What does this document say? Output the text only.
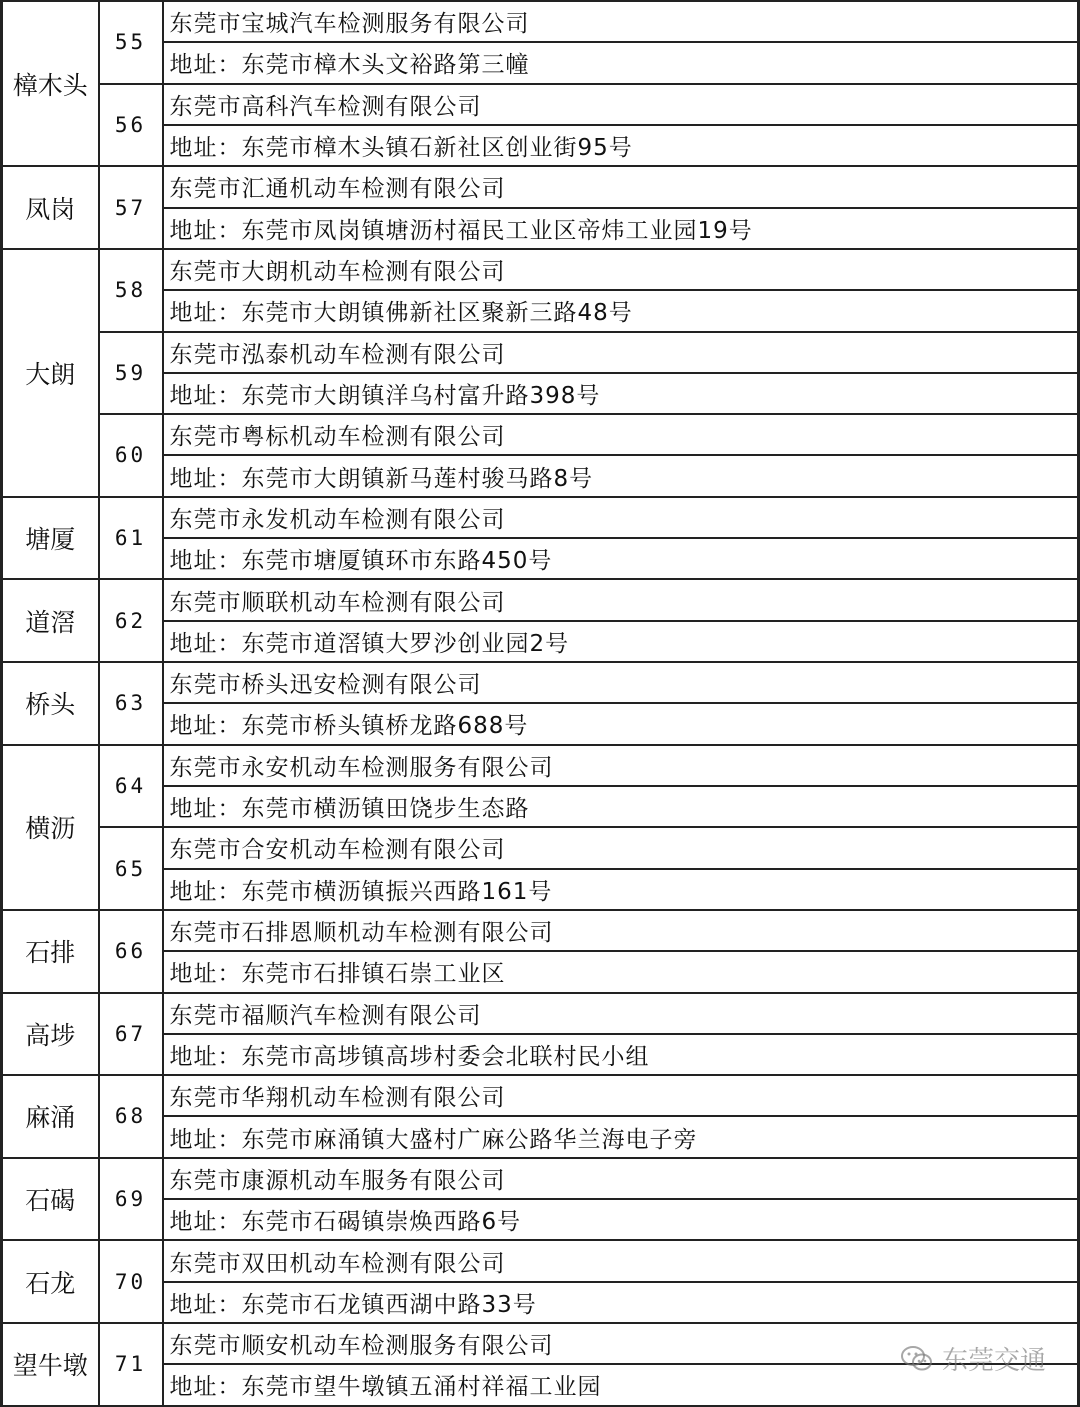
樟木头	55	东莞市宝城汽车检测服务有限公司
		地址：东莞市樟木头文裕路第三幢
	56	东莞市高科汽车检测有限公司
		地址：东莞市樟木头镇石新社区创业街95号
凤岗	57	东莞市汇通机动车检测有限公司
		地址：东莞市凤岗镇塘沥村福民工业区帝炜工业园19号
大朗	58	东莞市大朗机动车检测有限公司
		地址：东莞市大朗镇佛新社区聚新三路48号
	59	东莞市泓泰机动车检测有限公司
		地址：东莞市大朗镇洋乌村富升路398号
	60	东莞市粤标机动车检测有限公司
		地址：东莞市大朗镇新马莲村骏马路8号
塘厦	61	东莞市永发机动车检测有限公司
		地址：东莞市塘厦镇环市东路450号
道滘	62	东莞市顺联机动车检测有限公司
		地址：东莞市道滘镇大罗沙创业园2号
桥头	63	东莞市桥头迅安检测有限公司
		地址：东莞市桥头镇桥龙路688号
横沥	64	东莞市永安机动车检测服务有限公司
		地址：东莞市横沥镇田饶步生态路
	65	东莞市合安机动车检测有限公司
		地址：东莞市横沥镇振兴西路161号
石排	66	东莞市石排恩顺机动车检测有限公司
		地址：东莞市石排镇石崇工业区
高埗	67	东莞市福顺汽车检测有限公司
		地址：东莞市高埗镇高埗村委会北联村民小组
麻涌	68	东莞市华翔机动车检测有限公司
		地址：东莞市麻涌镇大盛村广麻公路华兰海电子旁
石碣	69	东莞市康源机动车服务有限公司
		地址：东莞市石碣镇崇焕西路6号
石龙	70	东莞市双田机动车检测有限公司
		地址：东莞市石龙镇西湖中路33号
望牛墩	71	东莞市顺安机动车检测服务有限公司
		地址：东莞市望牛墩镇五涌村祥福工业园
东莞交通
